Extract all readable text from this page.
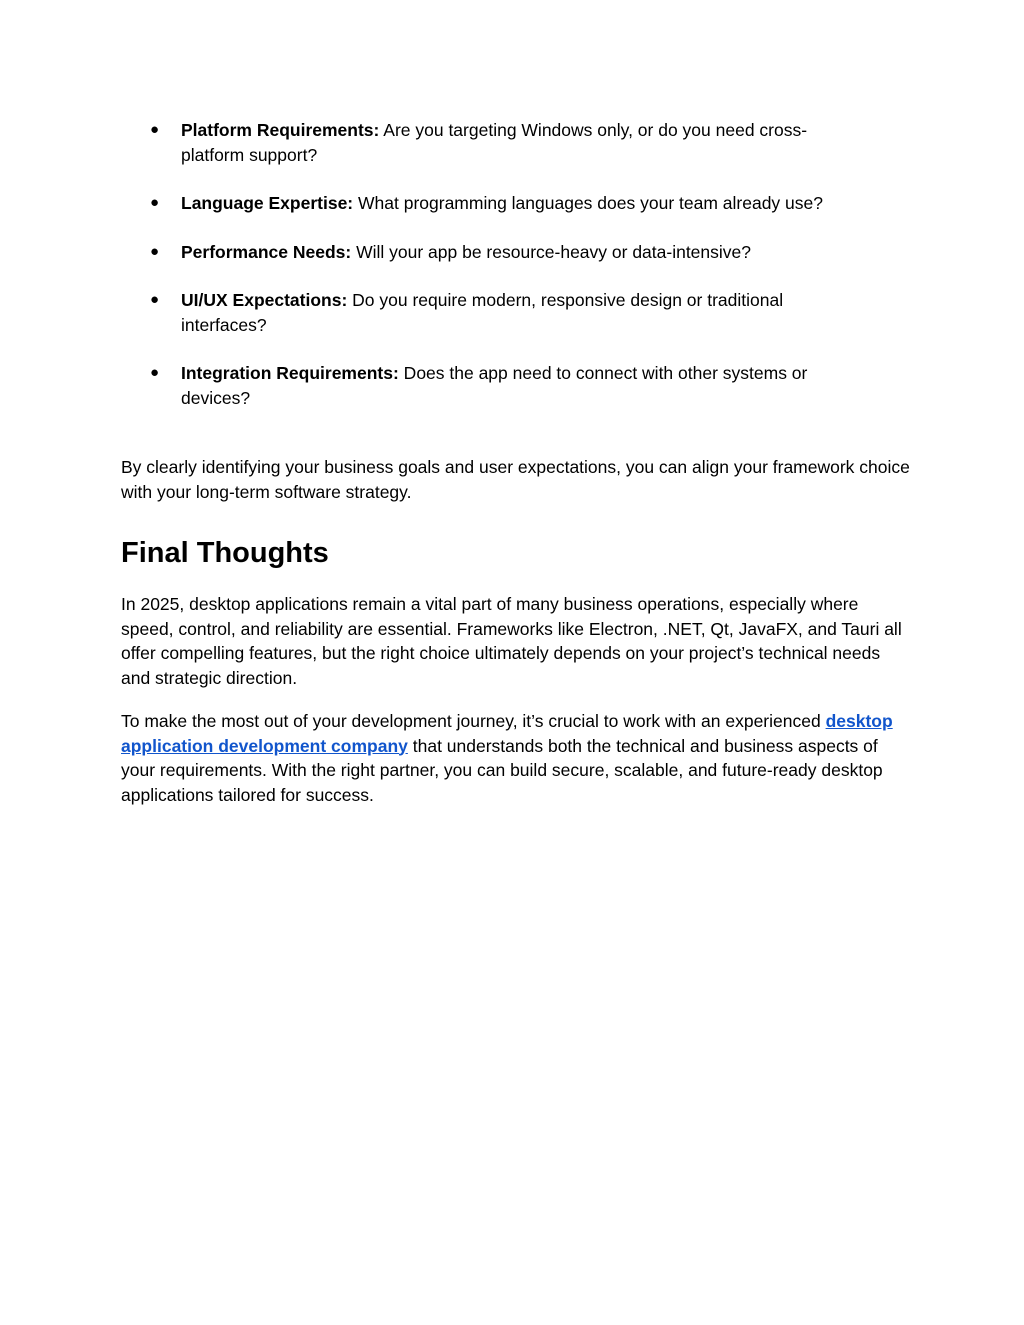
● Platform Requirements: Are you targeting Windows only, or do you need cross-platform support?
● Language Expertise: What programming languages does your team already use?
● Performance Needs: Will your app be resource-heavy or data-intensive?
● UI/UX Expectations: Do you require modern, responsive design or traditional interfaces?
● Integration Requirements: Does the app need to connect with other systems or devices?

By clearly identifying your business goals and user expectations, you can align your framework choice with your long-term software strategy.

Final Thoughts

In 2025, desktop applications remain a vital part of many business operations, especially where speed, control, and reliability are essential. Frameworks like Electron, .NET, Qt, JavaFX, and Tauri all offer compelling features, but the right choice ultimately depends on your project’s technical needs and strategic direction.

To make the most out of your development journey, it’s crucial to work with an experienced desktop application development company that understands both the technical and business aspects of your requirements. With the right partner, you can build secure, scalable, and future-ready desktop applications tailored for success.
